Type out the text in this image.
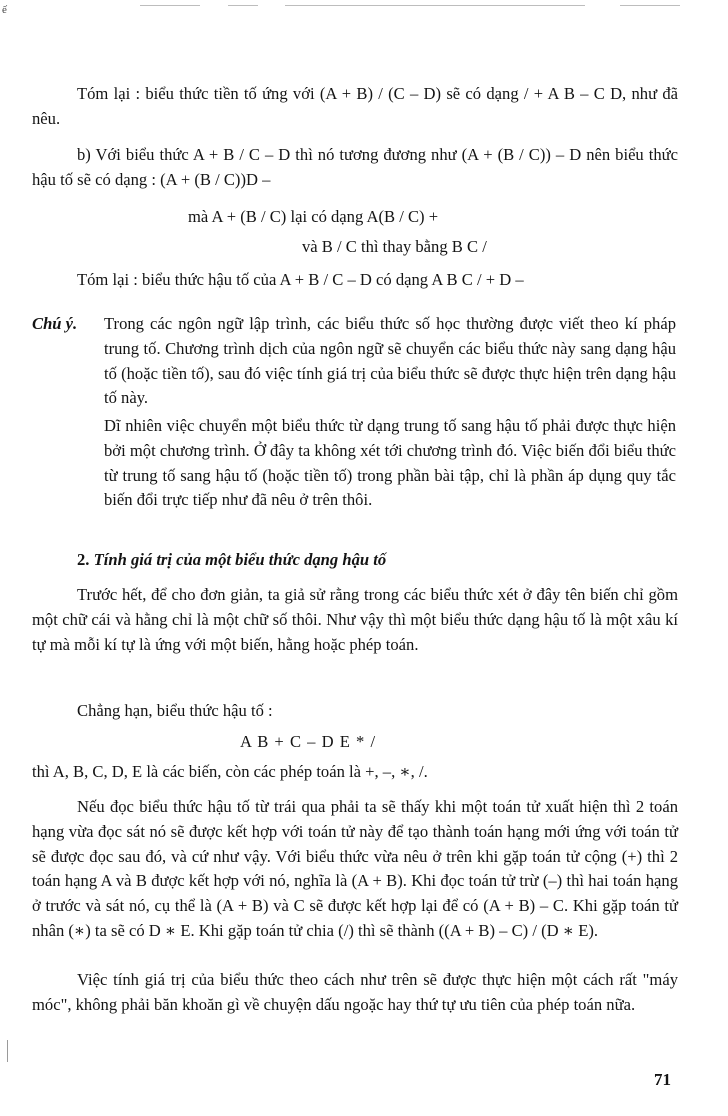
ế

Tóm lại : biểu thức tiền tố ứng với (A + B) / (C – D) sẽ có dạng / + A B – C D, như đã nêu.

b) Với biểu thức A + B / C – D thì nó tương đương như (A + (B / C)) – D nên biểu thức hậu tố sẽ có dạng : (A + (B / C))D –

mà A + (B / C) lại có dạng A(B / C) +

và B / C thì thay bằng B C /

Tóm lại : biểu thức hậu tố của A + B / C – D có dạng A B C / + D –

Chú ý. Trong các ngôn ngữ lập trình, các biểu thức số học thường được viết theo kí pháp trung tố. Chương trình dịch của ngôn ngữ sẽ chuyển các biểu thức này sang dạng hậu tố (hoặc tiền tố), sau đó việc tính giá trị của biểu thức sẽ được thực hiện trên dạng hậu tố này.

Dĩ nhiên việc chuyển một biểu thức từ dạng trung tố sang hậu tố phải được thực hiện bởi một chương trình. Ở đây ta không xét tới chương trình đó. Việc biến đổi biểu thức từ trung tố sang hậu tố (hoặc tiền tố) trong phần bài tập, chỉ là phần áp dụng quy tắc biến đổi trực tiếp như đã nêu ở trên thôi.

2. Tính giá trị của một biểu thức dạng hậu tố

Trước hết, để cho đơn giản, ta giả sử rằng trong các biểu thức xét ở đây tên biến chỉ gồm một chữ cái và hằng chỉ là một chữ số thôi. Như vậy thì một biểu thức dạng hậu tố là một xâu kí tự mà mỗi kí tự là ứng với một biến, hằng hoặc phép toán.

Chẳng hạn, biểu thức hậu tố :

A B + C – D E * /

thì A, B, C, D, E là các biến, còn các phép toán là +, –, ∗, /.

Nếu đọc biểu thức hậu tố từ trái qua phải ta sẽ thấy khi một toán tử xuất hiện thì 2 toán hạng vừa đọc sát nó sẽ được kết hợp với toán tử này để tạo thành toán hạng mới ứng với toán tử sẽ được đọc sau đó, và cứ như vậy. Với biểu thức vừa nêu ở trên khi gặp toán tử cộng (+) thì 2 toán hạng A và B được kết hợp với nó, nghĩa là (A + B). Khi đọc toán tử trừ (–) thì hai toán hạng ở trước và sát nó, cụ thể là (A + B) và C sẽ được kết hợp lại để có (A + B) – C. Khi gặp toán tử nhân (∗) ta sẽ có D ∗ E. Khi gặp toán tử chia (/) thì sẽ thành ((A + B) – C) / (D ∗ E).

Việc tính giá trị của biểu thức theo cách như trên sẽ được thực hiện một cách rất "máy móc", không phải băn khoăn gì về chuyện dấu ngoặc hay thứ tự ưu tiên của phép toán nữa.

71
